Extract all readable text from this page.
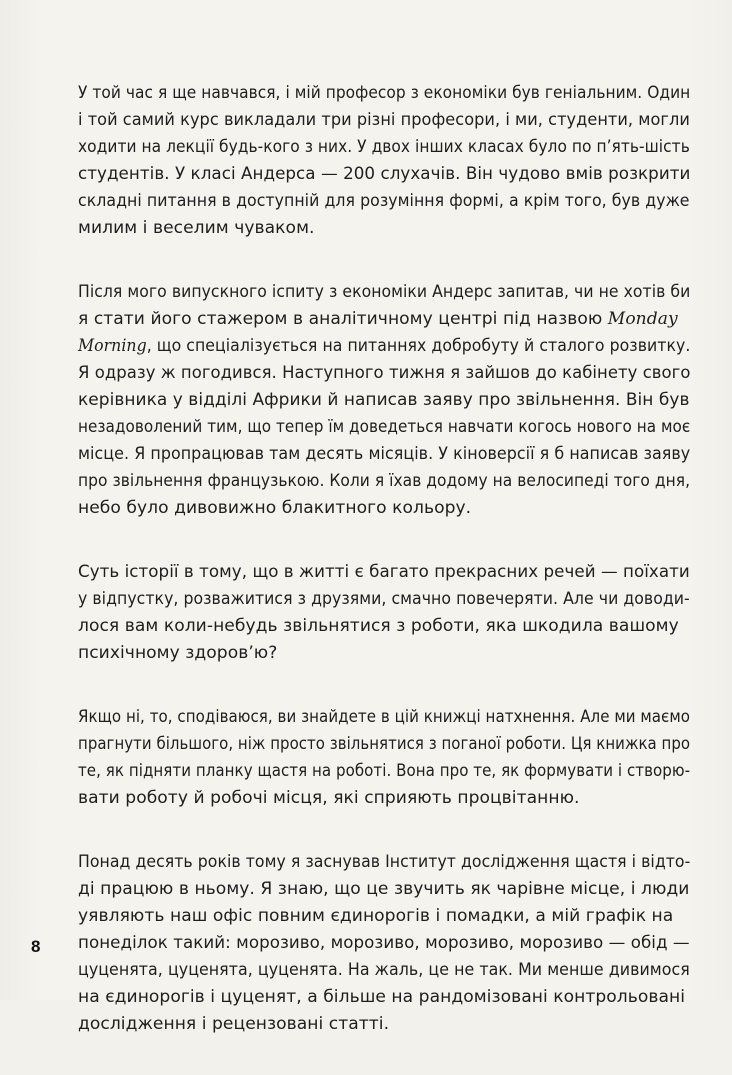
У той час я ще навчався, і мій професор з економіки був геніальним. Один
і той самий курс викладали три різні професори, і ми, студенти, могли
ходити на лекції будь-кого з них. У двох інших класах було по п’ять-шість
студентів. У класі Андерса — 200 слухачів. Він чудово вмів розкрити
складні питання в доступній для розуміння формі, а крім того, був дуже
милим і веселим чуваком.

Після мого випускного іспиту з економіки Андерс запитав, чи не хотів би
я стати його стажером в аналітичному центрі під назвою Monday
Morning, що спеціалізується на питаннях добробуту й сталого розвитку.
Я одразу ж погодився. Наступного тижня я зайшов до кабінету свого
керівника у відділі Африки й написав заяву про звільнення. Він був
незадоволений тим, що тепер їм доведеться навчати когось нового на моє
місце. Я пропрацював там десять місяців. У кіноверсії я б написав заяву
про звільнення французькою. Коли я їхав додому на велосипеді того дня,
небо було дивовижно блакитного кольору.

Суть історії в тому, що в житті є багато прекрасних речей — поїхати
у відпустку, розважитися з друзями, смачно повечеряти. Але чи доводи-
лося вам коли-небудь звільнятися з роботи, яка шкодила вашому
психічному здоров’ю?

Якщо ні, то, сподіваюся, ви знайдете в цій книжці натхнення. Але ми маємо
прагнути більшого, ніж просто звільнятися з поганої роботи. Ця книжка про
те, як підняти планку щастя на роботі. Вона про те, як формувати і створю-
вати роботу й робочі місця, які сприяють процвітанню.

Понад десять років тому я заснував Інститут дослідження щастя і відто-
ді працюю в ньому. Я знаю, що це звучить як чарівне місце, і люди
уявляють наш офіс повним єдинорогів і помадки, а мій графік на
понеділок такий: морозиво, морозиво, морозиво, морозиво — обід —
цуценята, цуценята, цуценята. На жаль, це не так. Ми менше дивимося
на єдинорогів і цуценят, а більше на рандомізовані контрольовані
дослідження і рецензовані статті.

8
